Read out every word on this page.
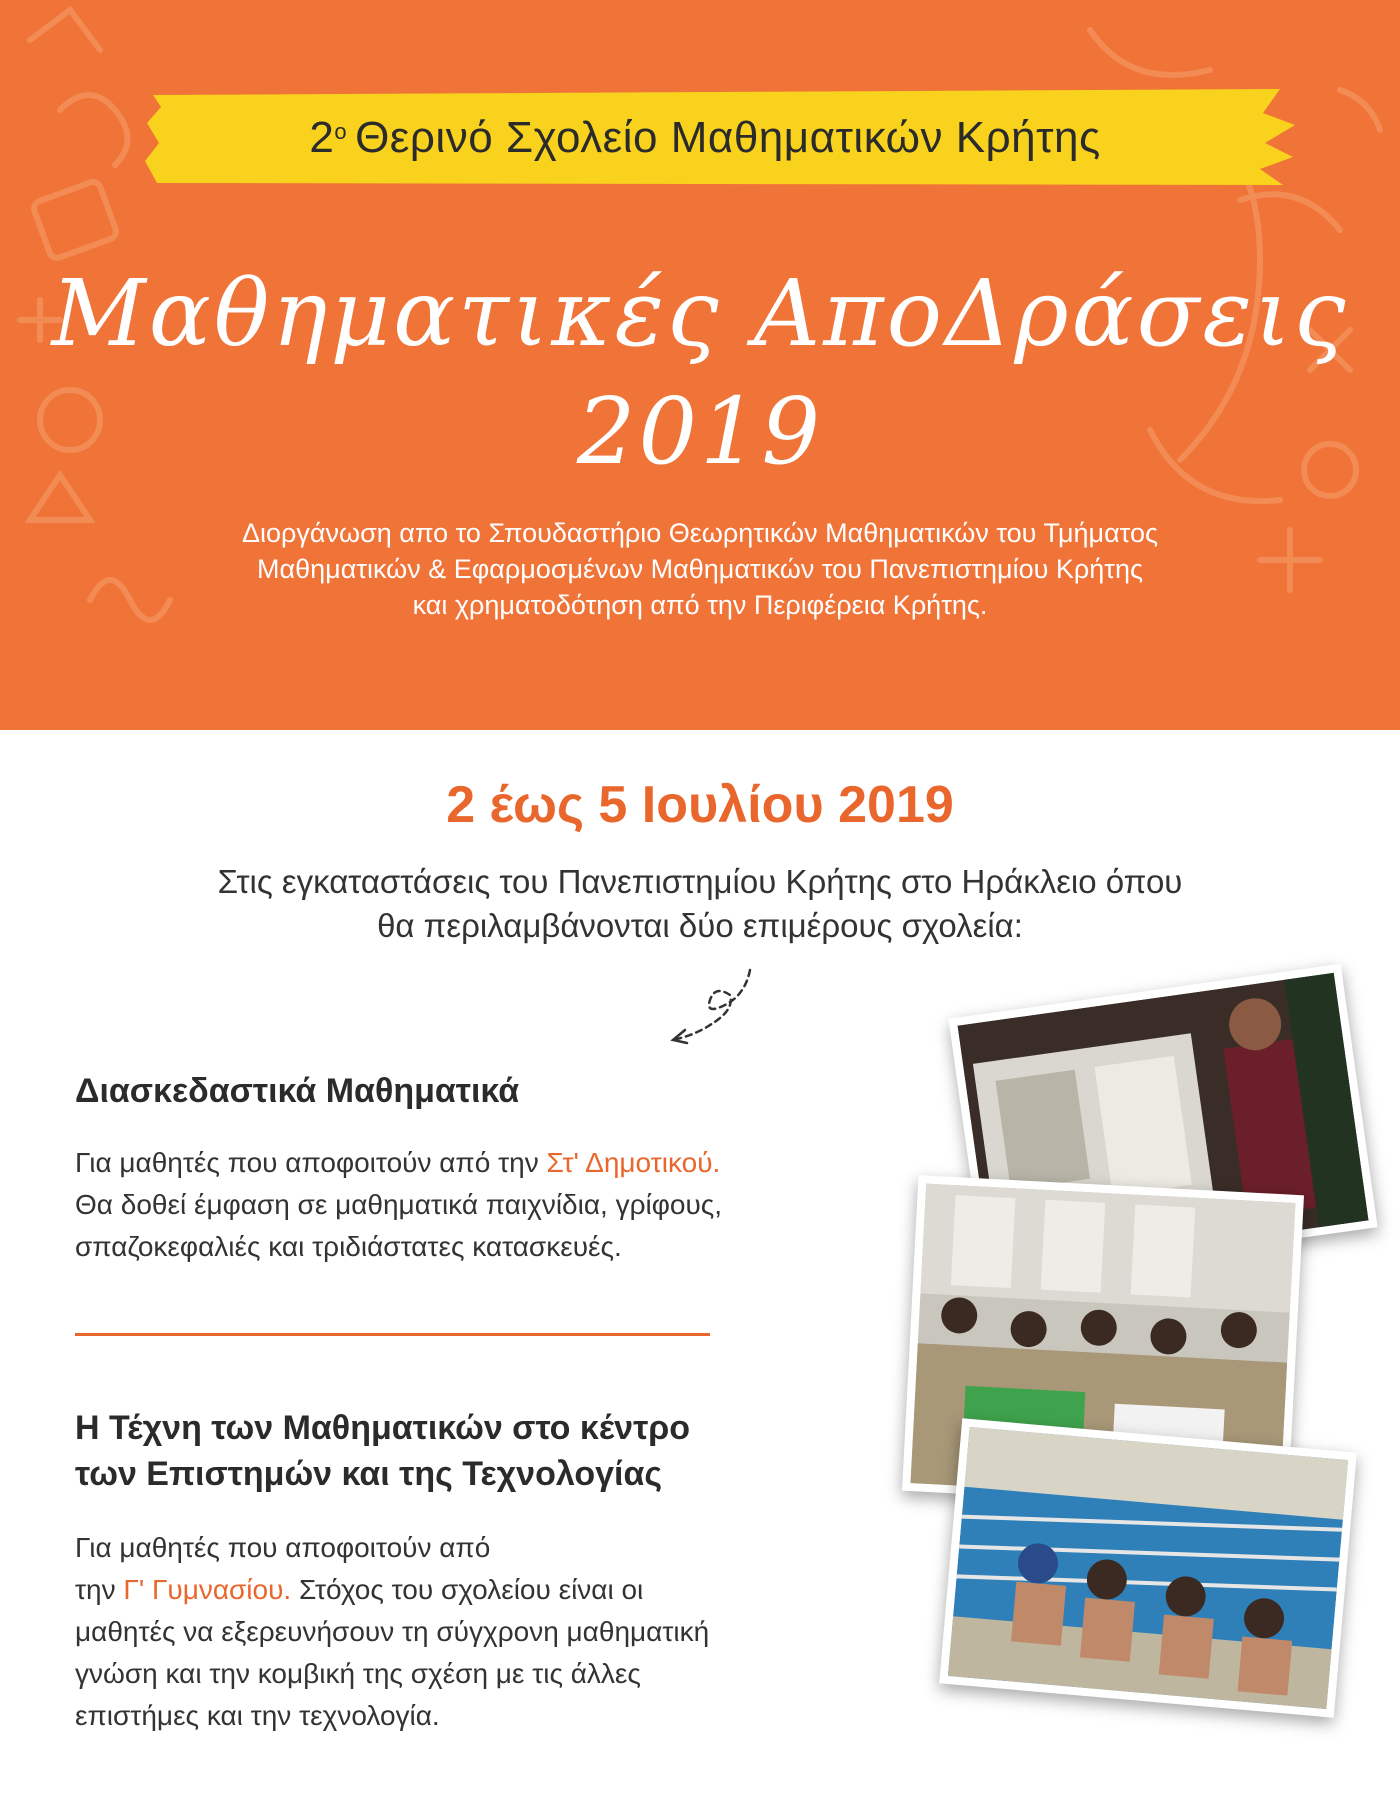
$2^o$ Θερινό Σχολείο Μαθηματικών Κρήτης
Μαθηματικές ΑποΔράσεις
2019
Διοργάνωση απο το Σπουδαστήριο Θεωρητικών Μαθηματικών του Τμήματος
Μαθηματικών & Εφαρμοσμένων Μαθηματικών του Πανεπιστημίου Κρήτης
και χρηματοδότηση από την Περιφέρεια Κρήτης.
2 έως 5 Ιουλίου 2019
Στις εγκαταστάσεις του Πανεπιστημίου Κρήτης στο Ηράκλειο όπου
θα περιλαμβάνονται δύο επιμέρους σχολεία:
Διασκεδαστικά Μαθηματικά
Για μαθητές που αποφοιτούν από την Στ' Δημοτικού.
Θα δοθεί έμφαση σε μαθηματικά παιχνίδια, γρίφους,
σπαζοκεφαλιές και τριδιάστατες κατασκευές.
Η Τέχνη των Μαθηματικών στο κέντρο
των Επιστημών και της Τεχνολογίας
Για μαθητές που αποφοιτούν από
την Γ' Γυμνασίου. Στόχος του σχολείου είναι οι
μαθητές να εξερευνήσουν τη σύγχρονη μαθηματική
γνώση και την κομβική της σχέση με τις άλλες
επιστήμες και την τεχνολογία.
